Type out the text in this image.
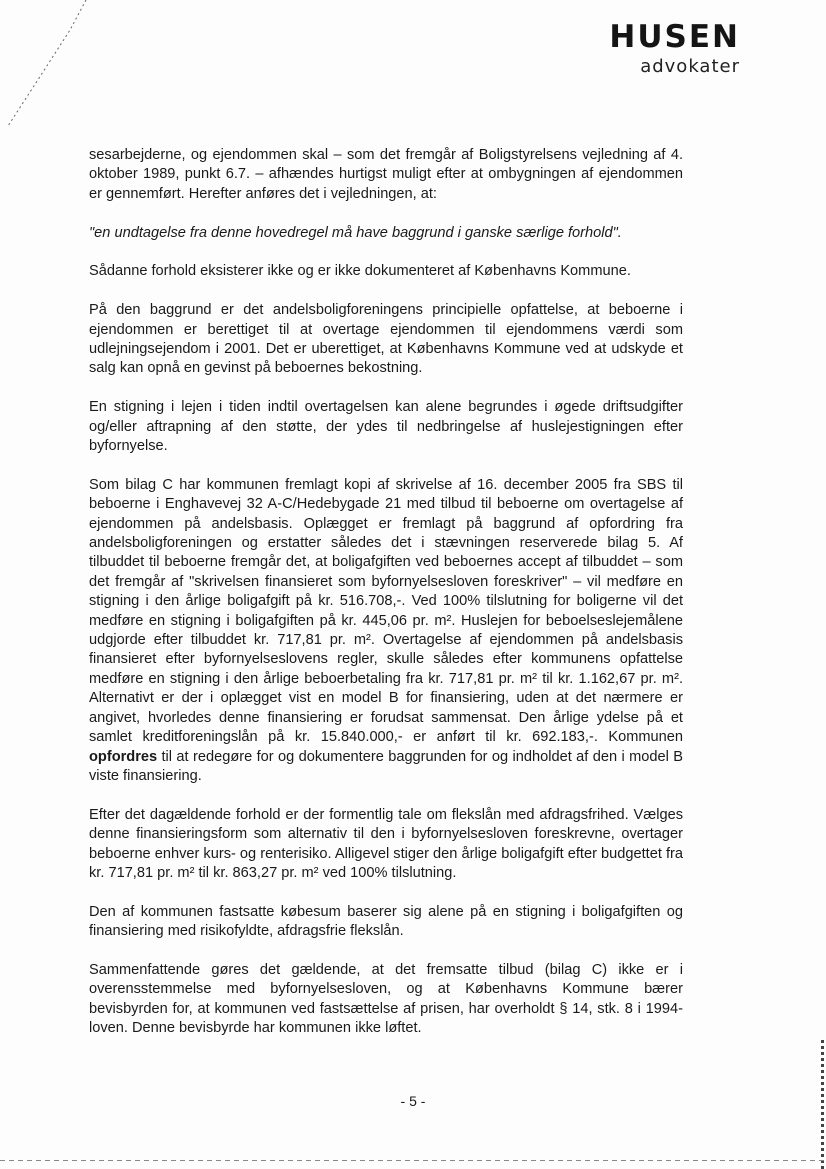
HUSEN
advokater

sesarbejderne, og ejendommen skal – som det fremgår af Boligstyrelsens vejledning af 4. oktober 1989, punkt 6.7. – afhændes hurtigst muligt efter at ombygningen af ejendommen er gennemført. Herefter anføres det i vejledningen, at:

"en undtagelse fra denne hovedregel må have baggrund i ganske særlige forhold".

Sådanne forhold eksisterer ikke og er ikke dokumenteret af Københavns Kommune.

På den baggrund er det andelsboligforeningens principielle opfattelse, at beboerne i ejendommen er berettiget til at overtage ejendommen til ejendommens værdi som udlejningsejendom i 2001. Det er uberettiget, at Københavns Kommune ved at udskyde et salg kan opnå en gevinst på beboernes bekostning.

En stigning i lejen i tiden indtil overtagelsen kan alene begrundes i øgede driftsudgifter og/eller aftrapning af den støtte, der ydes til nedbringelse af huslejestigningen efter byfornyelse.

Som bilag C har kommunen fremlagt kopi af skrivelse af 16. december 2005 fra SBS til beboerne i Enghavevej 32 A-C/Hedebygade 21 med tilbud til beboerne om overtagelse af ejendommen på andelsbasis. Oplægget er fremlagt på baggrund af opfordring fra andelsboligforeningen og erstatter således det i stævningen reserverede bilag 5. Af tilbuddet til beboerne fremgår det, at boligafgiften ved beboernes accept af tilbuddet – som det fremgår af "skrivelsen finansieret som byfornyelsesloven foreskriver" – vil medføre en stigning i den årlige boligafgift på kr. 516.708,-. Ved 100% tilslutning for boligerne vil det medføre en stigning i boligafgiften på kr. 445,06 pr. m². Huslejen for beboelseslejemålene udgjorde efter tilbuddet kr. 717,81 pr. m². Overtagelse af ejendommen på andelsbasis finansieret efter byfornyelseslovens regler, skulle således efter kommunens opfattelse medføre en stigning i den årlige beboerbetaling fra kr. 717,81 pr. m² til kr. 1.162,67 pr. m². Alternativt er der i oplægget vist en model B for finansiering, uden at det nærmere er angivet, hvorledes denne finansiering er forudsat sammensat. Den årlige ydelse på et samlet kreditforeningslån på kr. 15.840.000,- er anført til kr. 692.183,-. Kommunen opfordres til at redegøre for og dokumentere baggrunden for og indholdet af den i model B viste finansiering.

Efter det dagældende forhold er der formentlig tale om flekslån med afdragsfrihed. Vælges denne finansieringsform som alternativ til den i byfornyelsesloven foreskrevne, overtager beboerne enhver kurs- og renterisiko. Alligevel stiger den årlige boligafgift efter budgettet fra kr. 717,81 pr. m² til kr. 863,27 pr. m² ved 100% tilslutning.

Den af kommunen fastsatte købesum baserer sig alene på en stigning i boligafgiften og finansiering med risikofyldte, afdragsfrie flekslån.

Sammenfattende gøres det gældende, at det fremsatte tilbud (bilag C) ikke er i overensstemmelse med byfornyelsesloven, og at Københavns Kommune bærer bevisbyrden for, at kommunen ved fastsættelse af prisen, har overholdt § 14, stk. 8 i 1994-loven. Denne bevisbyrde har kommunen ikke løftet.

- 5 -
